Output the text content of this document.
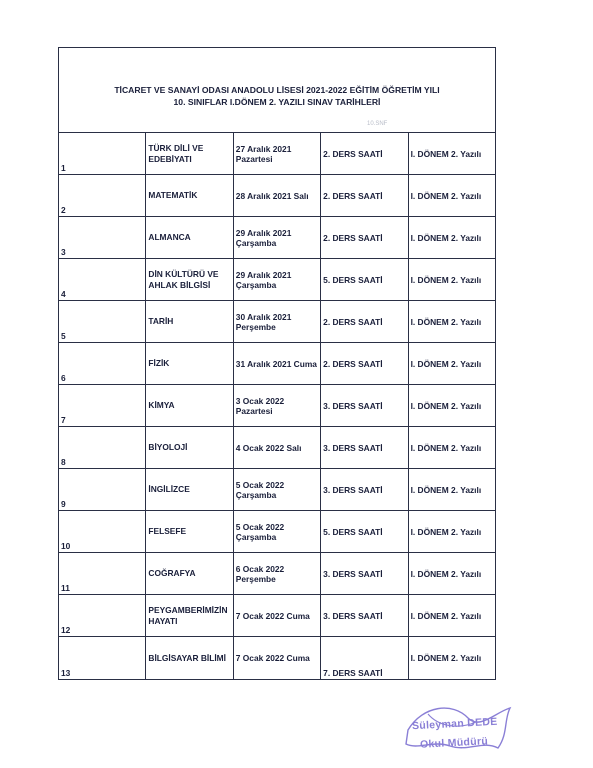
TİCARET VE SANAYİ ODASI ANADOLU LİSESİ 2021-2022 EĞİTİM ÖĞRETİM YILI
10. SINIFLAR I.DÖNEM 2. YAZILI SINAV TARİHLERİ				

1	TÜRK DİLİ VE EDEBİYATI	27 Aralık 2021 Pazartesi	2. DERS SAATİ	I. DÖNEM 2. Yazılı

2	MATEMATİK	28 Aralık 2021 Salı	2. DERS SAATİ	I. DÖNEM 2. Yazılı

3	ALMANCA	29 Aralık 2021 Çarşamba	2. DERS SAATİ	I. DÖNEM 2. Yazılı

4	DİN KÜLTÜRÜ VE AHLAK BİLGİSİ	29 Aralık 2021 Çarşamba	5. DERS SAATİ	I. DÖNEM 2. Yazılı

5	TARİH	30 Aralık 2021 Perşembe	2. DERS SAATİ	I. DÖNEM 2. Yazılı

6	FİZİK	31 Aralık 2021 Cuma	2. DERS SAATİ	I. DÖNEM 2. Yazılı

7	KİMYA	3 Ocak 2022 Pazartesi	3. DERS SAATİ	I. DÖNEM 2. Yazılı

8	BİYOLOJİ	4 Ocak 2022 Salı	3. DERS SAATİ	I. DÖNEM 2. Yazılı

9	İNGİLİZCE	5 Ocak 2022 Çarşamba	3. DERS SAATİ	I. DÖNEM 2. Yazılı

10	FELSEFE	5 Ocak 2022 Çarşamba	5. DERS SAATİ	I. DÖNEM 2. Yazılı

11	COĞRAFYA	6 Ocak 2022 Perşembe	3. DERS SAATİ	I. DÖNEM 2. Yazılı

12	PEYGAMBERİMİZİN HAYATI	7 Ocak 2022 Cuma	3. DERS SAATİ	I. DÖNEM 2. Yazılı

13	BİLGİSAYAR BİLİMİ	7 Ocak 2022 Cuma	7. DERS SAATİ	I. DÖNEM 2. Yazılı
10.SNF
Süleyman DEDE
Okul Müdürü
